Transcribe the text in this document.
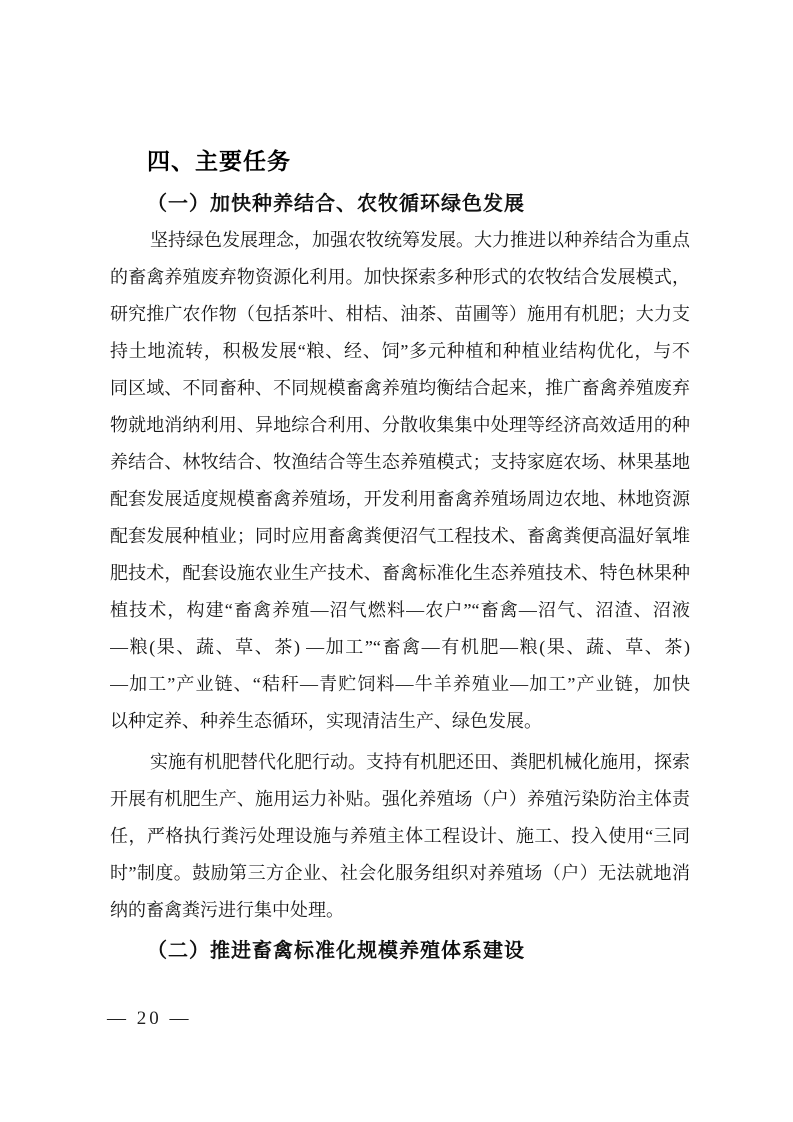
四、主要任务
（一）加快种养结合、农牧循环绿色发展
坚持绿色发展理念，加强农牧统筹发展。大力推进以种养结合为重点
的畜禽养殖废弃物资源化利用。加快探索多种形式的农牧结合发展模式，
研究推广农作物（包括茶叶、柑桔、油茶、苗圃等）施用有机肥；大力支
持土地流转，积极发展“粮、经、饲”多元种植和种植业结构优化，与不
同区域、不同畜种、不同规模畜禽养殖均衡结合起来，推广畜禽养殖废弃
物就地消纳利用、异地综合利用、分散收集集中处理等经济高效适用的种
养结合、林牧结合、牧渔结合等生态养殖模式；支持家庭农场、林果基地
配套发展适度规模畜禽养殖场，开发利用畜禽养殖场周边农地、林地资源
配套发展种植业；同时应用畜禽粪便沼气工程技术、畜禽粪便高温好氧堆
肥技术，配套设施农业生产技术、畜禽标准化生态养殖技术、特色林果种
植技术，构建“畜禽养殖—沼气燃料—农户”“畜禽—沼气、沼渣、沼液
—粮(果、蔬、草、茶) —加工”“畜禽—有机肥—粮(果、蔬、草、茶)
—加工”产业链、“秸秆—青贮饲料—牛羊养殖业—加工”产业链，加快
以种定养、种养生态循环，实现清洁生产、绿色发展。
实施有机肥替代化肥行动。支持有机肥还田、粪肥机械化施用，探索
开展有机肥生产、施用运力补贴。强化养殖场（户）养殖污染防治主体责
任，严格执行粪污处理设施与养殖主体工程设计、施工、投入使用“三同
时”制度。鼓励第三方企业、社会化服务组织对养殖场（户）无法就地消
纳的畜禽粪污进行集中处理。
（二）推进畜禽标准化规模养殖体系建设
— 20 —
